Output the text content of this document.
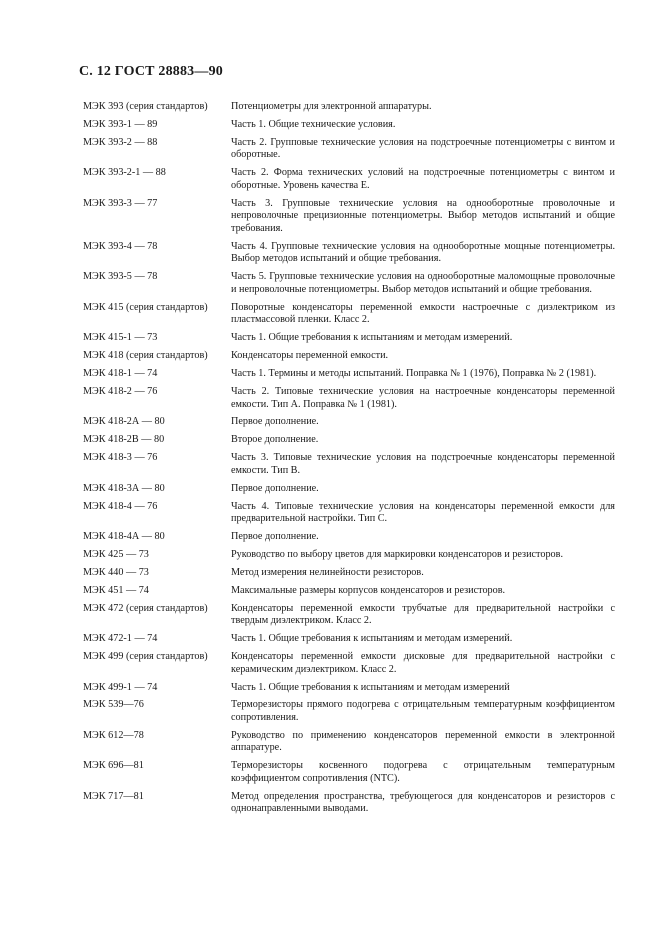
С. 12 ГОСТ 28883—90
МЭК 393 (серия стандартов)	Потенциометры для электронной аппаратуры.
МЭК 393-1 — 89	Часть 1. Общие технические условия.
МЭК 393-2 — 88	Часть 2. Групповые технические условия на подстроечные потенциометры с винтом и оборотные.
МЭК 393-2-1 — 88	Часть 2. Форма технических условий на подстроечные потенциометры с винтом и оборотные. Уровень качества Е.
МЭК 393-3 — 77	Часть 3. Групповые технические условия на однооборотные проволочные и непроволочные прецизионные потенциометры. Выбор методов испытаний и общие требования.
МЭК 393-4 — 78	Часть 4. Групповые технические условия на однооборотные мощные потенциометры. Выбор методов испытаний и общие требования.
МЭК 393-5 — 78	Часть 5. Групповые технические условия на однооборотные маломощные проволочные и непроволочные потенциометры. Выбор методов испытаний и общие требования.
МЭК 415 (серия стандартов)	Поворотные конденсаторы переменной емкости настроечные с диэлектриком из пластмассовой пленки. Класс 2.
МЭК 415-1 — 73	Часть 1. Общие требования к испытаниям и методам измерений.
МЭК 418 (серия стандартов)	Конденсаторы переменной емкости.
МЭК 418-1 — 74	Часть 1. Термины и методы испытаний. Поправка № 1 (1976), Поправка № 2 (1981).
МЭК 418-2 — 76	Часть 2. Типовые технические условия на настроечные конденсаторы переменной емкости. Тип А. Поправка № 1 (1981).
МЭК 418-2А — 80	Первое дополнение.
МЭК 418-2В — 80	Второе дополнение.
МЭК 418-3 — 76	Часть 3. Типовые технические условия на подстроечные конденсаторы переменной емкости. Тип В.
МЭК 418-3А — 80	Первое дополнение.
МЭК 418-4 — 76	Часть 4. Типовые технические условия на конденсаторы переменной емкости для предварительной настройки. Тип С.
МЭК 418-4А — 80	Первое дополнение.
МЭК 425 — 73	Руководство по выбору цветов для маркировки конденсаторов и резисторов.
МЭК 440 — 73	Метод измерения нелинейности резисторов.
МЭК 451 — 74	Максимальные размеры корпусов конденсаторов и резисторов.
МЭК 472 (серия стандартов)	Конденсаторы переменной емкости трубчатые для предварительной настройки с твердым диэлектриком. Класс 2.
МЭК 472-1 — 74	Часть 1. Общие требования к испытаниям и методам измерений.
МЭК 499 (серия стандартов)	Конденсаторы переменной емкости дисковые для предварительной настройки с керамическим диэлектриком. Класс 2.
МЭК 499-1 — 74	Часть 1. Общие требования к испытаниям и методам измерений
МЭК 539—76	Терморезисторы прямого подогрева с отрицательным температурным коэффициентом сопротивления.
МЭК 612—78	Руководство по применению конденсаторов переменной емкости в электронной аппаратуре.
МЭК 696—81	Терморезисторы косвенного подогрева с отрицательным температурным коэффициентом сопротивления (NTC).
МЭК 717—81	Метод определения пространства, требующегося для конденсаторов и резисторов с однонаправленными выводами.
